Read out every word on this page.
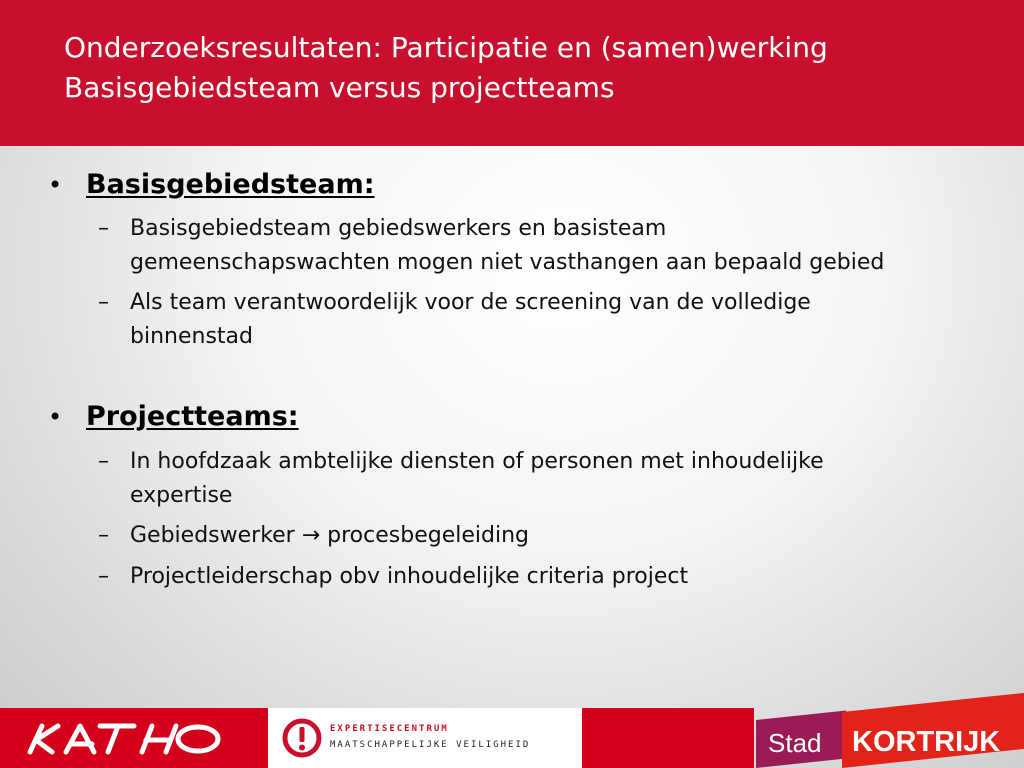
Onderzoeksresultaten: Participatie en (samen)werking
Basisgebiedsteam versus projectteams
• Basisgebiedsteam:
– Basisgebiedsteam gebiedswerkers en basisteam
gemeenschapswachten mogen niet vasthangen aan bepaald gebied
– Als team verantwoordelijk voor de screening van de volledige
binnenstad
• Projectteams:
– In hoofdzaak ambtelijke diensten of personen met inhoudelijke
expertise
– Gebiedswerker → procesbegeleiding
– Projectleiderschap obv inhoudelijke criteria project
EXPERTISECENTRUM
MAATSCHAPPELIJKE VEILIGHEID	Stad KORTRIJK
